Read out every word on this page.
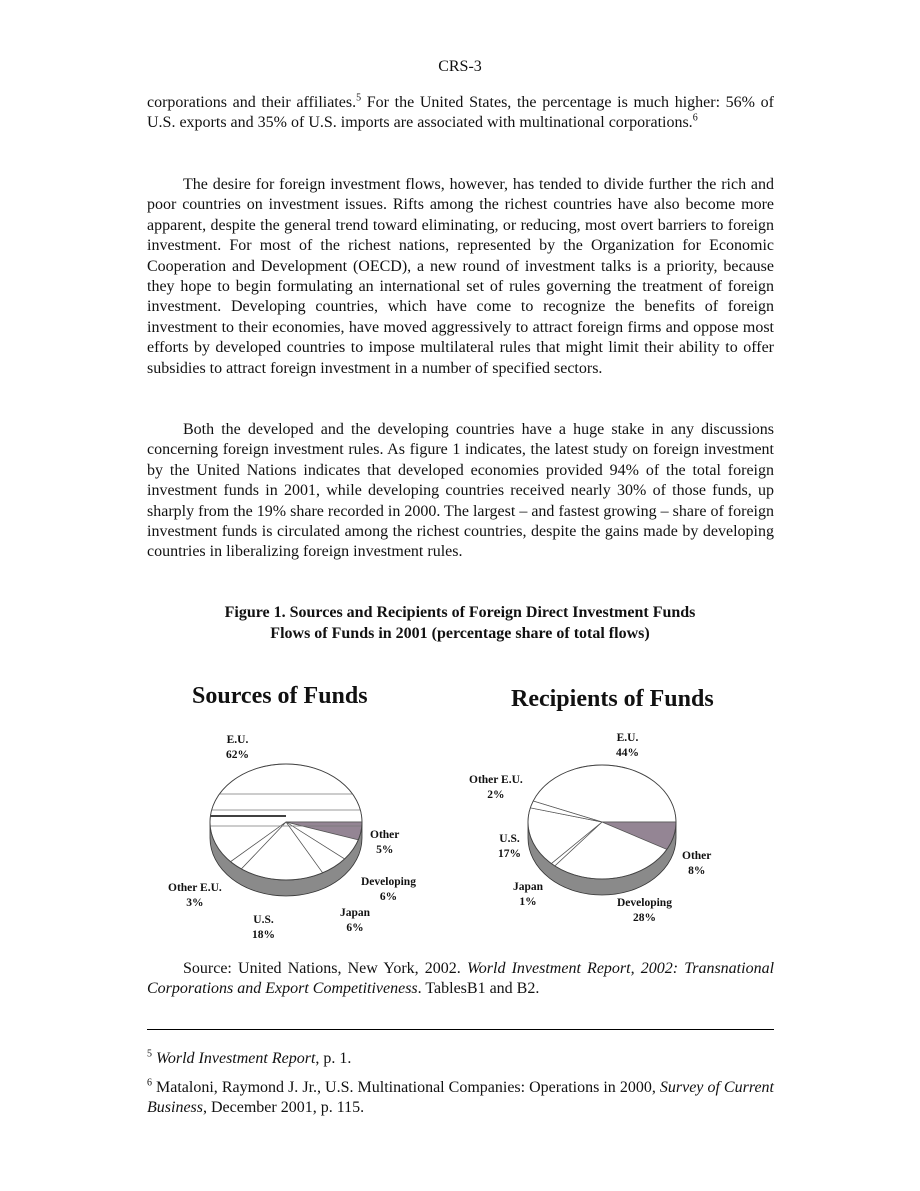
CRS-3

corporations and their affiliates.$^5$ For the United States, the percentage is much higher: 56% of U.S. exports and 35% of U.S. imports are associated with multinational corporations.$^6$

The desire for foreign investment flows, however, has tended to divide further the rich and poor countries on investment issues. Rifts among the richest countries have also become more apparent, despite the general trend toward eliminating, or reducing, most overt barriers to foreign investment. For most of the richest nations, represented by the Organization for Economic Cooperation and Development (OECD), a new round of investment talks is a priority, because they hope to begin formulating an international set of rules governing the treatment of foreign investment. Developing countries, which have come to recognize the benefits of foreign investment to their economies, have moved aggressively to attract foreign firms and oppose most efforts by developed countries to impose multilateral rules that might limit their ability to offer subsidies to attract foreign investment in a number of specified sectors.

Both the developed and the developing countries have a huge stake in any discussions concerning foreign investment rules. As figure 1 indicates, the latest study on foreign investment by the United Nations indicates that developed economies provided 94% of the total foreign investment funds in 2001, while developing countries received nearly 30% of those funds, up sharply from the 19% share recorded in 2000. The largest – and fastest growing – share of foreign investment funds is circulated among the richest countries, despite the gains made by developing countries in liberalizing foreign investment rules.

Figure 1. Sources and Recipients of Foreign Direct Investment Funds
Flows of Funds in 2001 (percentage share of total flows)
Sources of Funds
E.U.
62%
Other
5%
Developing
6%
Japan
6%
U.S.
18%
Other E.U.
3%
Recipients of Funds
E.U.
44%
Other
8%
Developing
28%
Japan
1%
U.S.
17%
Other E.U.
2%
Source: United Nations, New York, 2002. World Investment Report, 2002: Transnational Corporations and Export Competitiveness. TablesB1 and B2.
$^5$ World Investment Report, p. 1.
$^6$ Mataloni, Raymond J. Jr., U.S. Multinational Companies: Operations in 2000, Survey of Current Business, December 2001, p. 115.
